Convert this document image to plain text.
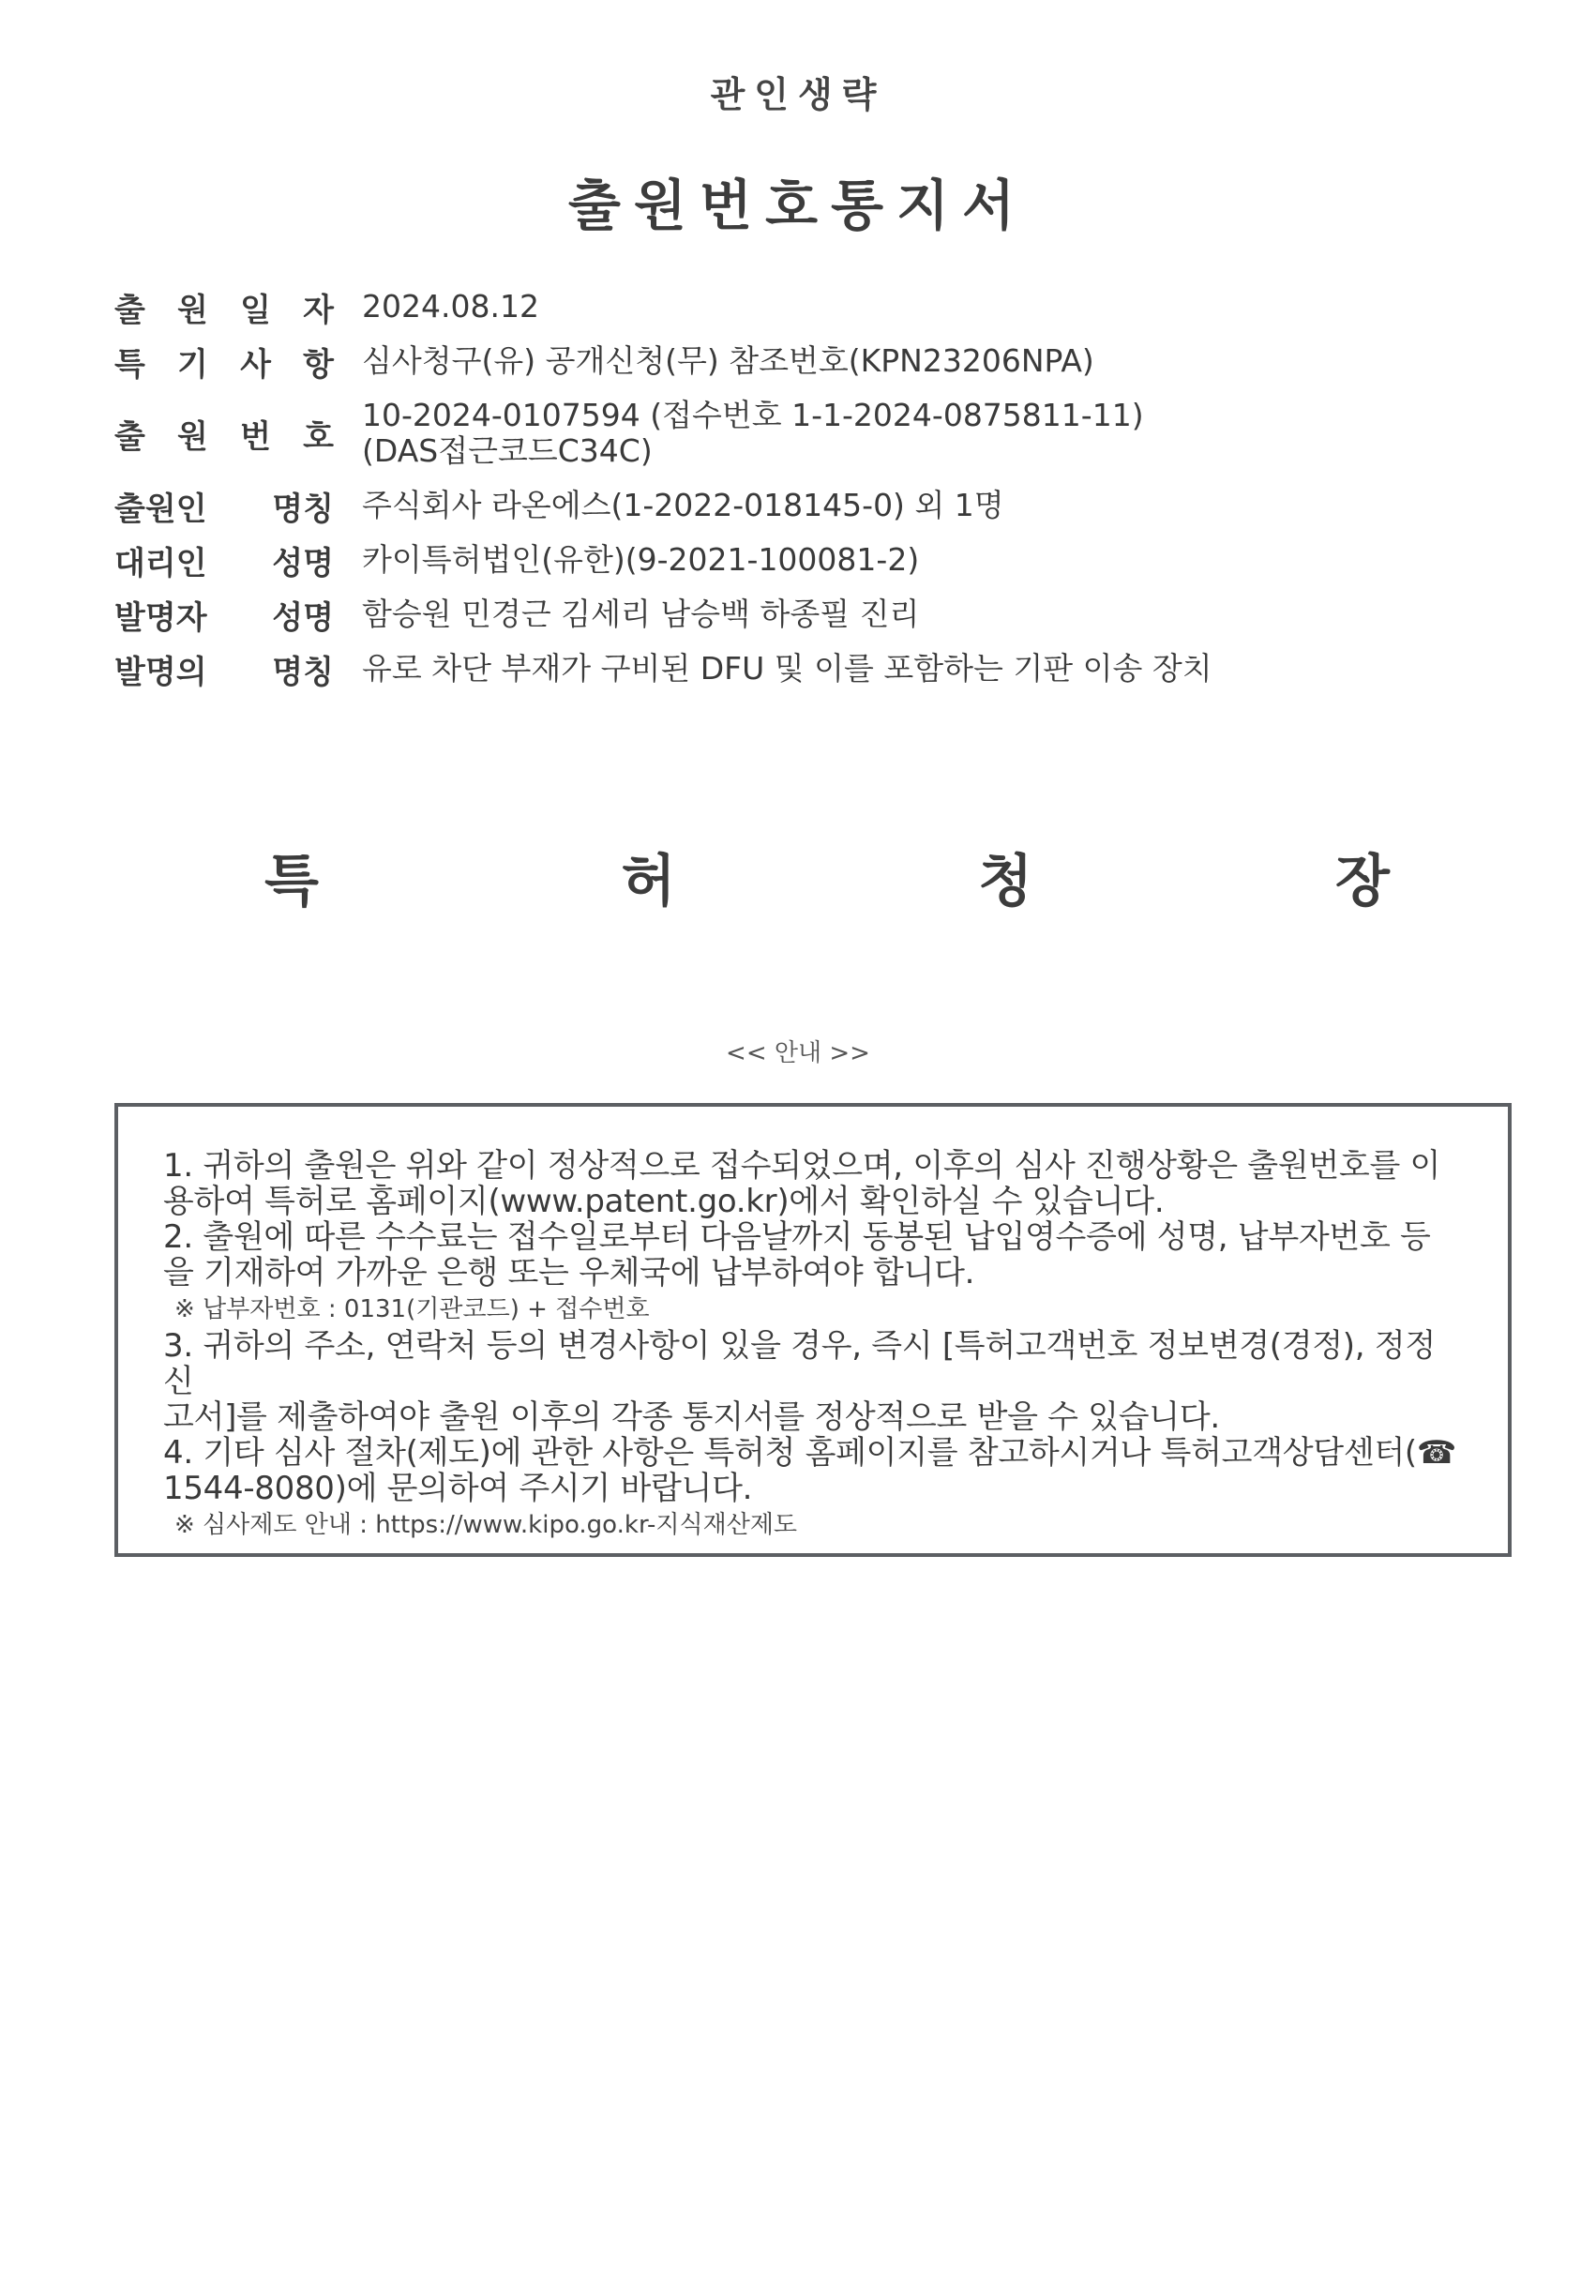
관인생략
출원번호통지서
출 원 일 자 2024.08.12
특 기 사 항 심사청구(유) 공개신청(무) 참조번호(KPN23206NPA)
출 원 번 호
10-2024-0107594 (접수번호 1-1-2024-0875811-11)
(DAS접근코드C34C)
출원인 명칭 주식회사 라온에스(1-2022-018145-0) 외 1명
대리인 성명 카이특허법인(유한)(9-2021-100081-2)
발명자 성명 함승원 민경근 김세리 남승백 하종필 진리
발명의 명칭 유로 차단 부재가 구비된 DFU 및 이를 포함하는 기판 이송 장치
특	허	청	장
<< 안내 >>
1. 귀하의 출원은 위와 같이 정상적으로 접수되었으며, 이후의 심사 진행상황은 출원번호를 이
용하여 특허로 홈페이지(www.patent.go.kr)에서 확인하실 수 있습니다.
2. 출원에 따른 수수료는 접수일로부터 다음날까지 동봉된 납입영수증에 성명, 납부자번호 등
을 기재하여 가까운 은행 또는 우체국에 납부하여야 합니다.
※ 납부자번호 : 0131(기관코드) + 접수번호
3. 귀하의 주소, 연락처 등의 변경사항이 있을 경우, 즉시 [특허고객번호 정보변경(경정), 정정신
고서]를 제출하여야 출원 이후의 각종 통지서를 정상적으로 받을 수 있습니다.
4. 기타 심사 절차(제도)에 관한 사항은 특허청 홈페이지를 참고하시거나 특허고객상담센터(☎
1544-8080)에 문의하여 주시기 바랍니다.
※ 심사제도 안내 : https://www.kipo.go.kr-지식재산제도
